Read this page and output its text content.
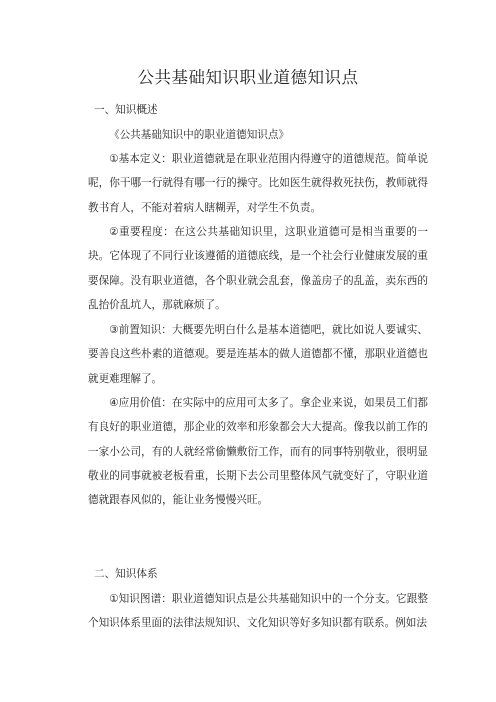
公共基础知识职业道德知识点

一、知识概述

《公共基础知识中的职业道德知识点》

①基本定义：职业道德就是在职业范围内得遵守的道德规范。简单说呢，你干哪一行就得有哪一行的操守。比如医生就得救死扶伤，教师就得教书育人，不能对着病人瞎糊弄，对学生不负责。

②重要程度：在这公共基础知识里，这职业道德可是相当重要的一块。它体现了不同行业该遵循的道德底线，是一个社会行业健康发展的重要保障。没有职业道德，各个职业就会乱套，像盖房子的乱盖，卖东西的乱抬价乱坑人，那就麻烦了。

③前置知识：大概要先明白什么是基本道德吧，就比如说人要诚实、要善良这些朴素的道德观。要是连基本的做人道德都不懂，那职业道德也就更难理解了。

④应用价值：在实际中的应用可太多了。拿企业来说，如果员工们都有良好的职业道德，那企业的效率和形象都会大大提高。像我以前工作的一家小公司，有的人就经常偷懒敷衍工作，而有的同事特别敬业，很明显敬业的同事就被老板看重，长期下去公司里整体风气就变好了，守职业道德就跟春风似的，能让业务慢慢兴旺。

二、知识体系

①知识图谱：职业道德知识点是公共基础知识中的一个分支。它跟整个知识体系里面的法律法规知识、文化知识等好多知识都有联系。例如法
